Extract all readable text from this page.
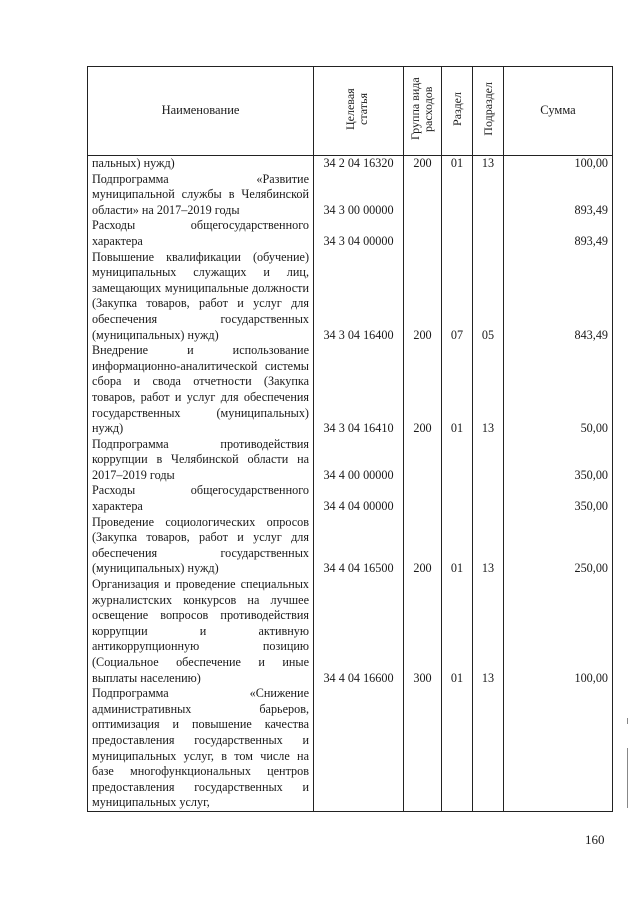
Наименование	Целевая статья	Группа вида расходов	Раздел	Подраздел	Сумма
пальных) нужд)	34 2 04 16320	200	01	13	100,00
Подпрограмма «Развитие муниципальной службы в Челябинской области» на 2017–2019 годы	34 3 00 00000				893,49
Расходы общегосударственного характера	34 3 04 00000				893,49
Повышение квалификации (обучение) муниципальных служащих и лиц, замещающих муниципальные должности (Закупка товаров, работ и услуг для обеспечения государственных (муниципальных) нужд)	34 3 04 16400	200	07	05	843,49
Внедрение и использование информационно-аналитической системы сбора и свода отчетности (Закупка товаров, работ и услуг для обеспечения государственных (муниципальных) нужд)	34 3 04 16410	200	01	13	50,00
Подпрограмма противодействия коррупции в Челябинской области на 2017–2019 годы	34 4 00 00000				350,00
Расходы общегосударственного характера	34 4 04 00000				350,00
Проведение социологических опросов (Закупка товаров, работ и услуг для обеспечения государственных (муниципальных) нужд)	34 4 04 16500	200	01	13	250,00
Организация и проведение специальных журналистских конкурсов на лучшее освещение вопросов противодействия коррупции и активную антикоррупционную позицию (Социальное обеспечение и иные выплаты населению)	34 4 04 16600	300	01	13	100,00
Подпрограмма «Снижение административных барьеров, оптимизация и повышение качества предоставления государственных и муниципальных услуг, в том числе на базе многофункциональных центров предоставления государственных и муниципальных услуг,					
160
